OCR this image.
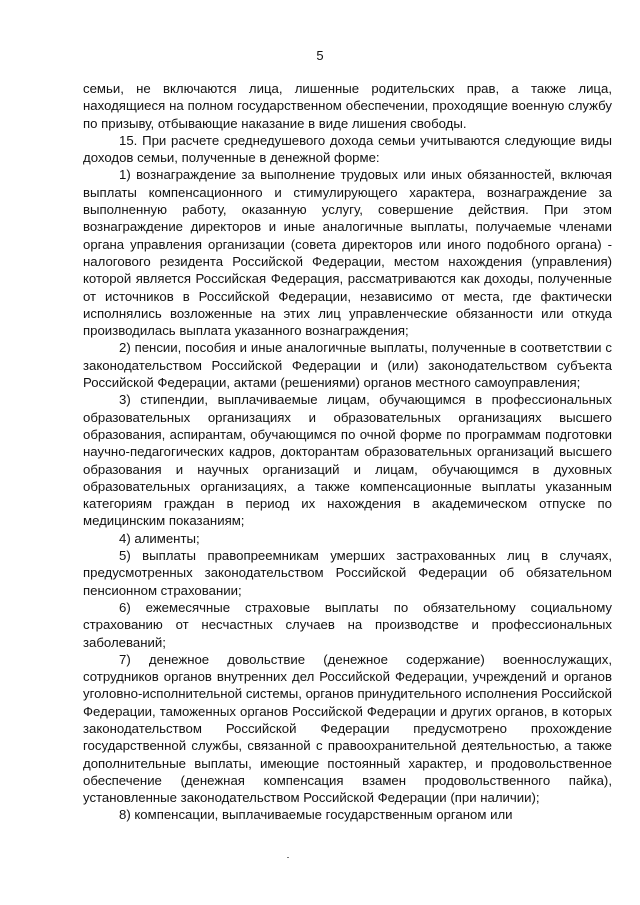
5

семьи, не включаются лица, лишенные родительских прав, а также лица, находящиеся на полном государственном обеспечении, проходящие военную службу по призыву, отбывающие наказание в виде лишения свободы.

15. При расчете среднедушевого дохода семьи учитываются следующие виды доходов семьи, полученные в денежной форме:

1) вознаграждение за выполнение трудовых или иных обязанностей, включая выплаты компенсационного и стимулирующего характера, вознаграждение за выполненную работу, оказанную услугу, совершение действия. При этом вознаграждение директоров и иные аналогичные выплаты, получаемые членами органа управления организации (совета директоров или иного подобного органа) - налогового резидента Российской Федерации, местом нахождения (управления) которой является Российская Федерация, рассматриваются как доходы, полученные от источников в Российской Федерации, независимо от места, где фактически исполнялись возложенные на этих лиц управленческие обязанности или откуда производилась выплата указанного вознаграждения;

2) пенсии, пособия и иные аналогичные выплаты, полученные в соответствии с законодательством Российской Федерации и (или) законодательством субъекта Российской Федерации, актами (решениями) органов местного самоуправления;

3) стипендии, выплачиваемые лицам, обучающимся в профессиональных образовательных организациях и образовательных организациях высшего образования, аспирантам, обучающимся по очной форме по программам подготовки научно-педагогических кадров, докторантам образовательных организаций высшего образования и научных организаций и лицам, обучающимся в духовных образовательных организациях, а также компенсационные выплаты указанным категориям граждан в период их нахождения в академическом отпуске по медицинским показаниям;

4) алименты;

5) выплаты правопреемникам умерших застрахованных лиц в случаях, предусмотренных законодательством Российской Федерации об обязательном пенсионном страховании;

6) ежемесячные страховые выплаты по обязательному социальному страхованию от несчастных случаев на производстве и профессиональных заболеваний;

7) денежное довольствие (денежное содержание) военнослужащих, сотрудников органов внутренних дел Российской Федерации, учреждений и органов уголовно-исполнительной системы, органов принудительного исполнения Российской Федерации, таможенных органов Российской Федерации и других органов, в которых законодательством Российской Федерации предусмотрено прохождение государственной службы, связанной с правоохранительной деятельностью, а также дополнительные выплаты, имеющие постоянный характер, и продовольственное обеспечение (денежная компенсация взамен продовольственного пайка), установленные законодательством Российской Федерации (при наличии);

8) компенсации, выплачиваемые государственным органом или
